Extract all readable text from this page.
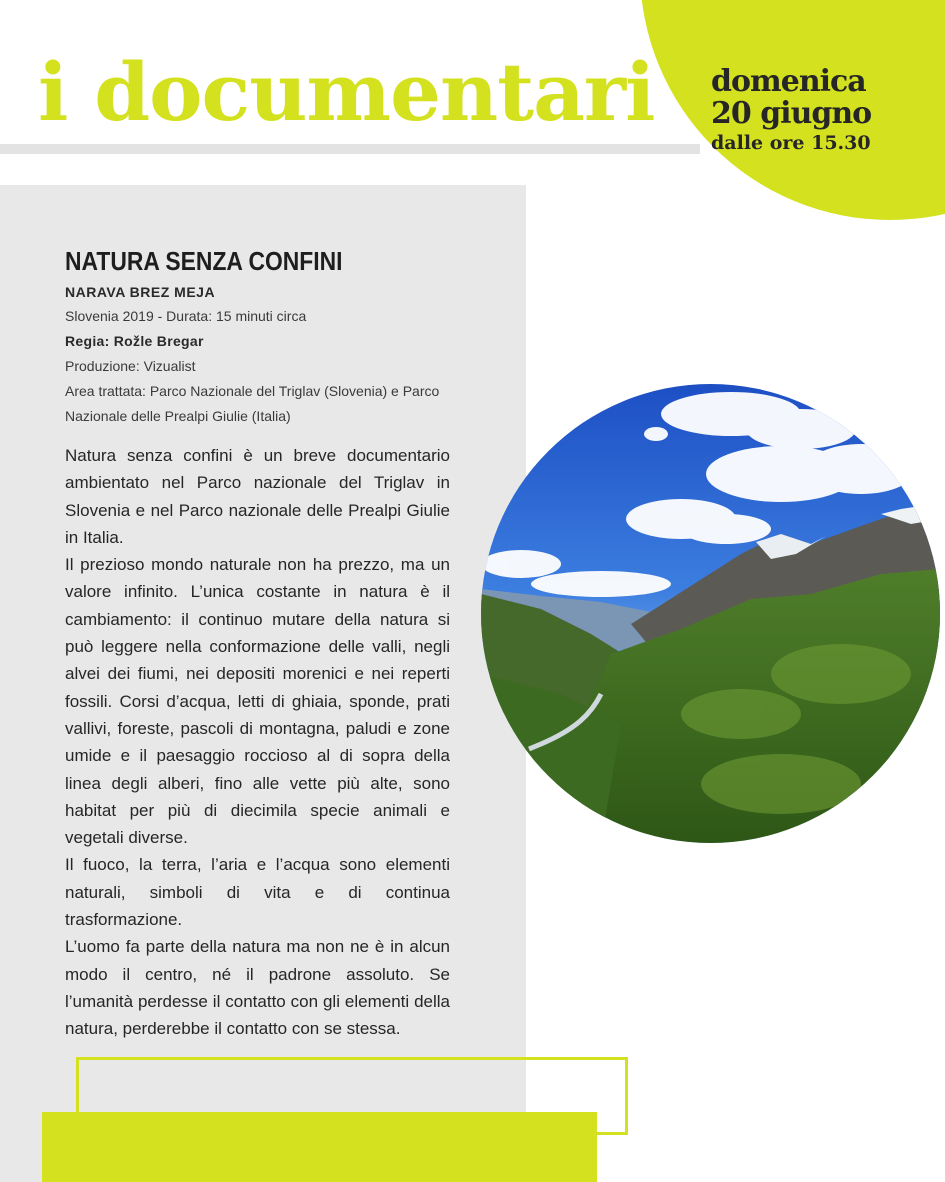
i documentari domenica
20 giugno
dalle ore 15.30
NATURA SENZA CONFINI
NARAVA BREZ MEJA
Slovenia 2019 - Durata: 15 minuti circa
Regia: Rožle Bregar
Produzione: Vizualist
Area trattata: Parco Nazionale del Triglav (Slovenia) e Parco Nazionale delle Prealpi Giulie (Italia)

Natura senza confini è un breve documentario ambientato nel Parco nazionale del Triglav in Slovenia e nel Parco nazionale delle Prealpi Giulie in Italia.

Il prezioso mondo naturale non ha prezzo, ma un valore infinito. L’unica costante in natura è il cambiamento: il continuo mutare della natura si può leggere nella conformazione delle valli, negli alvei dei fiumi, nei depositi morenici e nei reperti fossili. Corsi d’acqua, letti di ghiaia, sponde, prati vallivi, foreste, pascoli di montagna, paludi e zone umide e il paesaggio roccioso al di sopra della linea degli alberi, fino alle vette più alte, sono habitat per più di diecimila specie animali e vegetali diverse.

Il fuoco, la terra, l’aria e l’acqua sono elementi naturali, simboli di vita e di continua trasformazione.

L’uomo fa parte della natura ma non ne è in alcun modo il centro, né il padrone assoluto. Se l’umanità perdesse il contatto con gli elementi della natura, perderebbe il contatto con se stessa.
